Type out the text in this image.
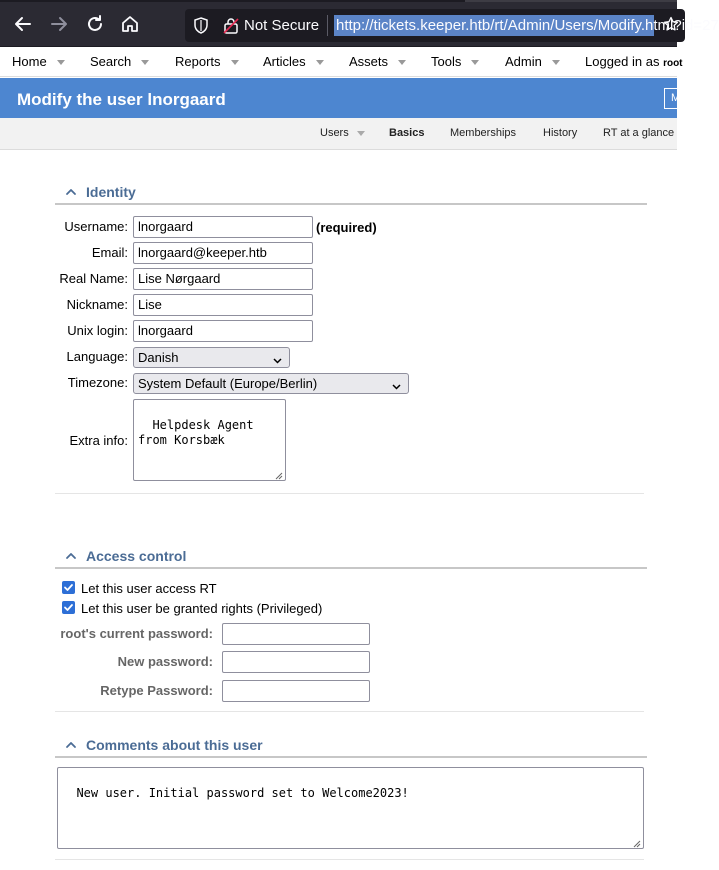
Not Secure http://tickets.keeper.htb/rt/Admin/Users/Modify.html?id=27
Home	Search	Reports	Articles	Assets	Tools	Admin	Logged in as root
Modify the user lnorgaard	M
Users	Basics Memberships History RT at a glance
Identity
Username: lnorgaard	(required)
Email: lnorgaard@keeper.htb
Real Name: Lise Nørgaard
Nickname: Lise
Unix login: lnorgaard
Language: Danish
Timezone: System Default (Europe/Berlin)
Extra info:

Helpdesk Agent from Korsbæk

Access control
Let this user access RT
Let this user be granted rights (Privileged)
root's current password:
New password:
Retype Password:
Comments about this user

New user. Initial password set to Welcome2023!
